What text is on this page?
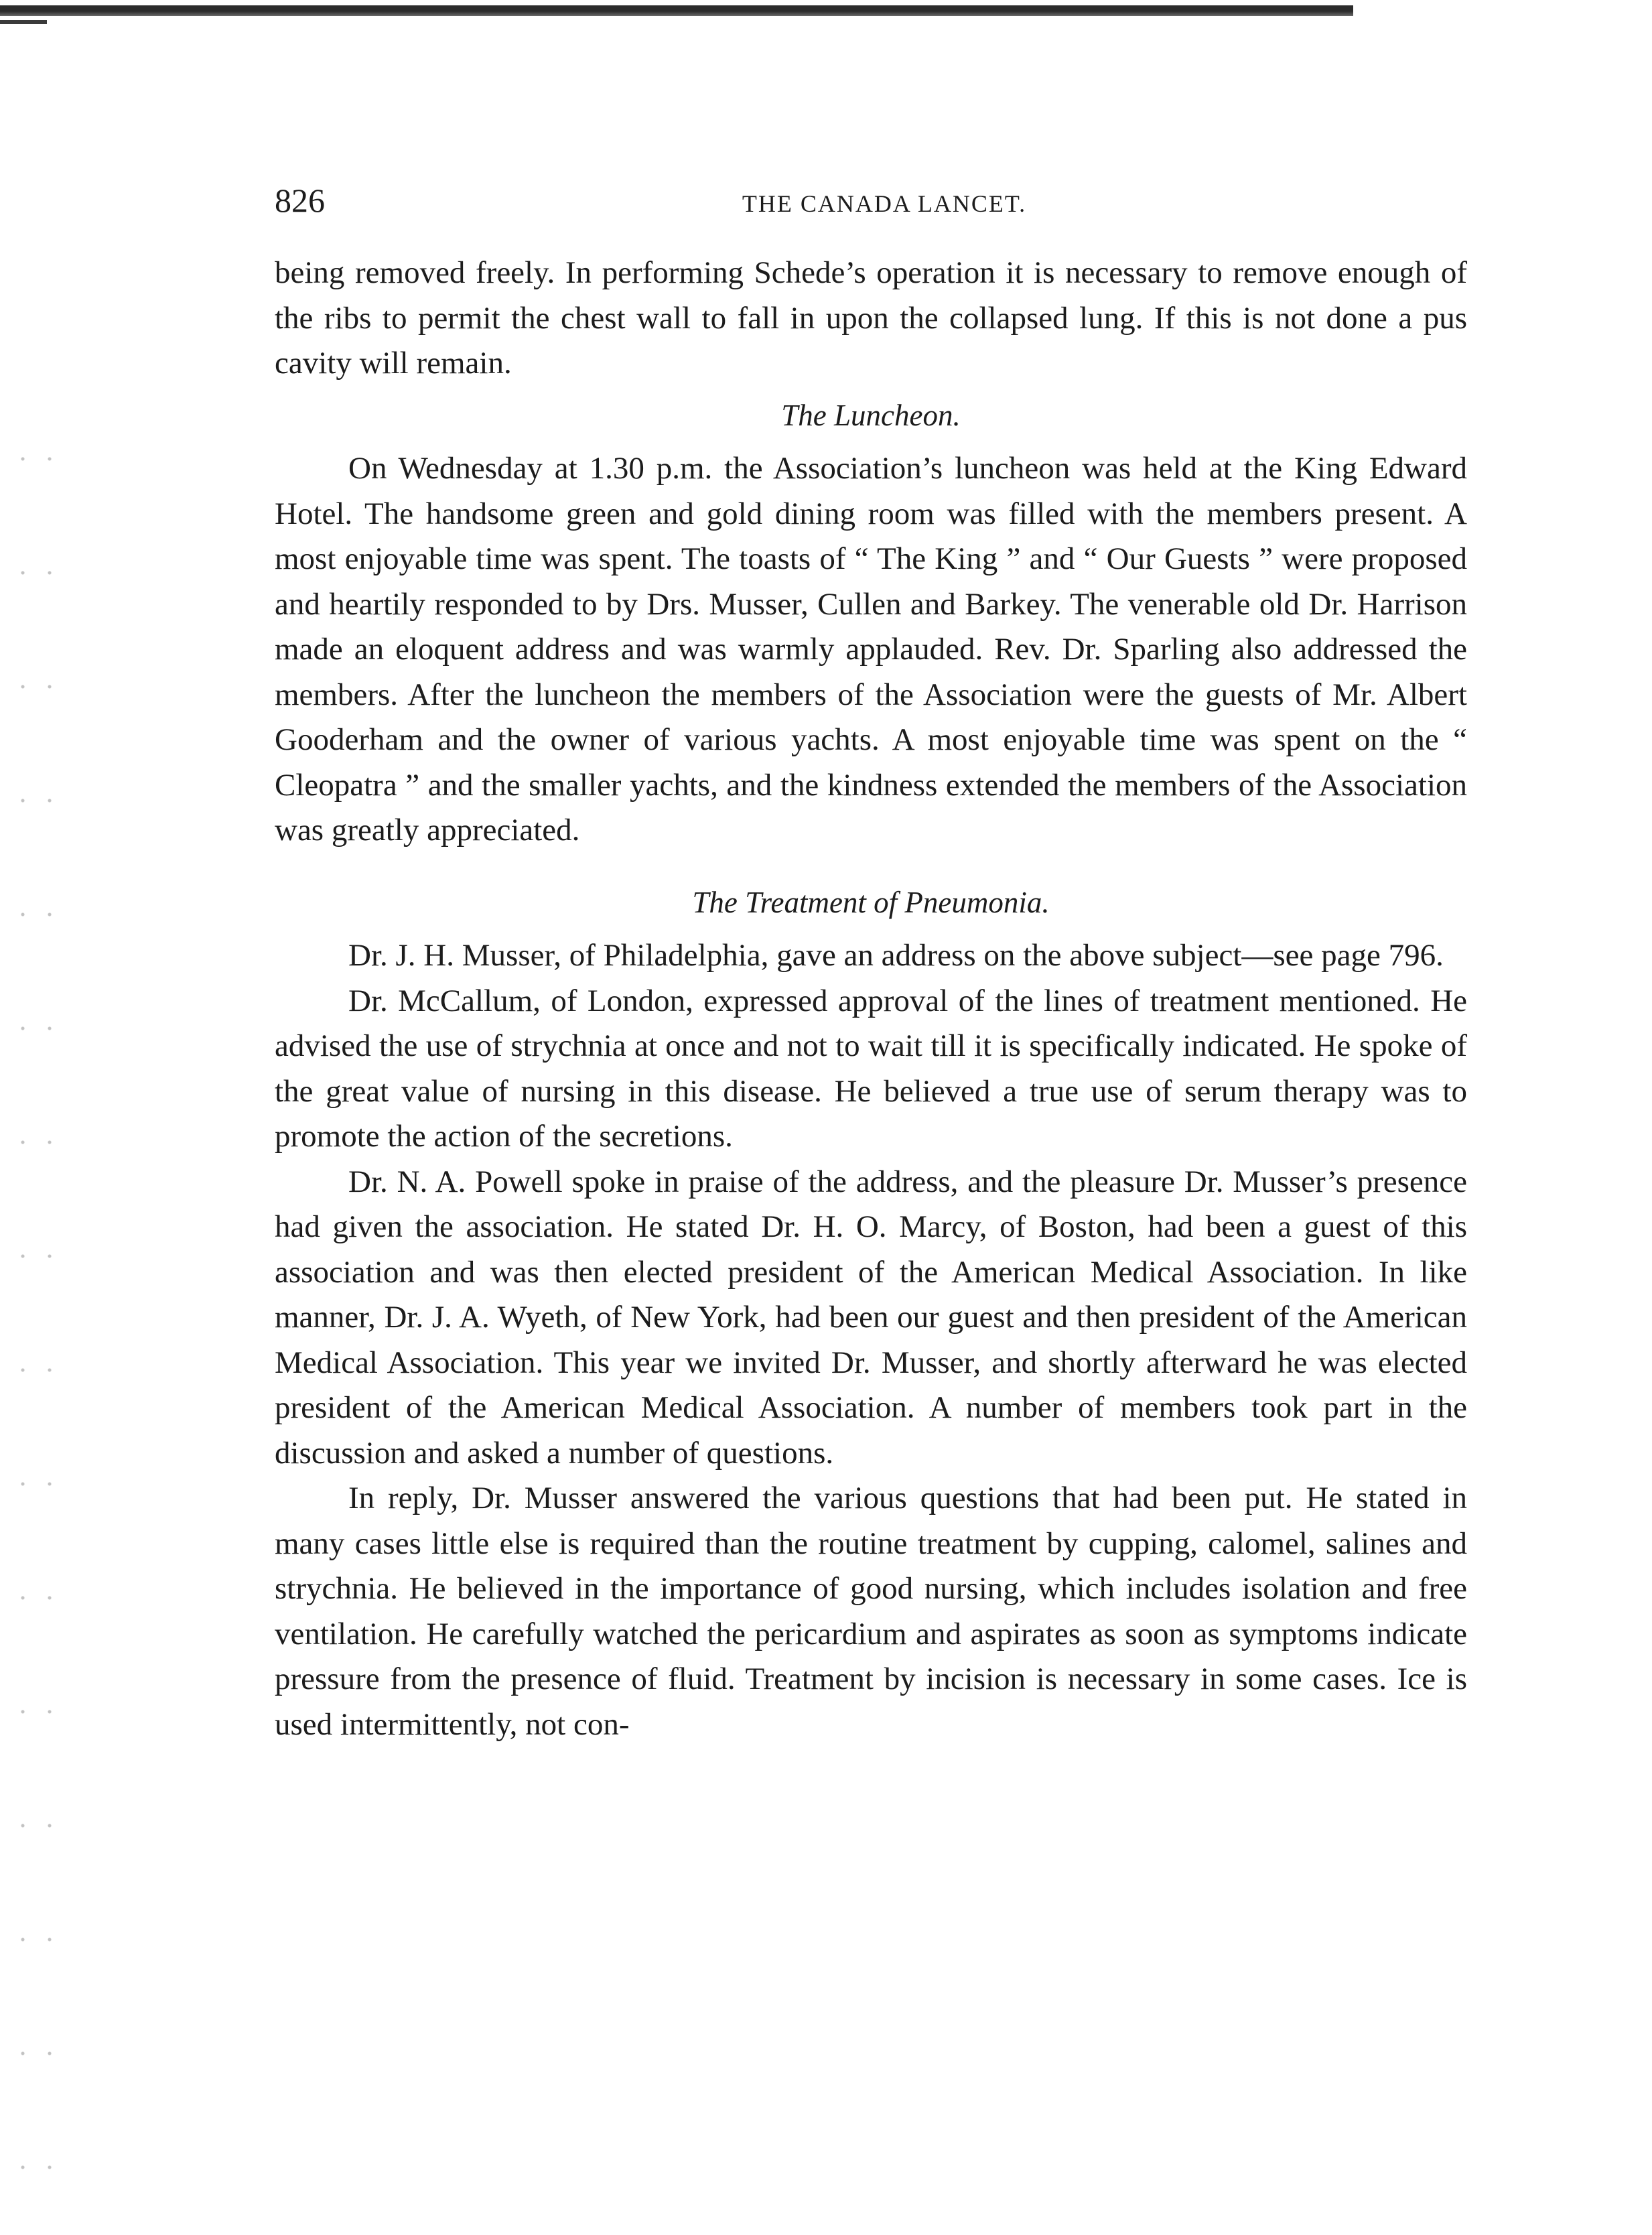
826	THE CANADA LANCET.

being removed freely. In performing Schede’s operation it is necessary to remove enough of the ribs to permit the chest wall to fall in upon the collapsed lung. If this is not done a pus cavity will remain.

The Luncheon.

On Wednesday at 1.30 p.m. the Association’s luncheon was held at the King Edward Hotel. The handsome green and gold dining room was filled with the members present. A most enjoyable time was spent. The toasts of “ The King ” and “ Our Guests ” were proposed and heartily responded to by Drs. Musser, Cullen and Barkey. The venerable old Dr. Harrison made an eloquent address and was warmly applauded. Rev. Dr. Sparling also addressed the members. After the luncheon the members of the Association were the guests of Mr. Albert Gooderham and the owner of various yachts. A most enjoyable time was spent on the “ Cleopatra ” and the smaller yachts, and the kindness extended the members of the Association was greatly appreciated.

The Treatment of Pneumonia.

Dr. J. H. Musser, of Philadelphia, gave an address on the above subject—see page 796.

Dr. McCallum, of London, expressed approval of the lines of treatment mentioned. He advised the use of strychnia at once and not to wait till it is specifically indicated. He spoke of the great value of nursing in this disease. He believed a true use of serum therapy was to promote the action of the secretions.

Dr. N. A. Powell spoke in praise of the address, and the pleasure Dr. Musser’s presence had given the association. He stated Dr. H. O. Marcy, of Boston, had been a guest of this association and was then elected president of the American Medical Association. In like manner, Dr. J. A. Wyeth, of New York, had been our guest and then president of the American Medical Association. This year we invited Dr. Musser, and shortly afterward he was elected president of the American Medical Association. A number of members took part in the discussion and asked a number of questions.

In reply, Dr. Musser answered the various questions that had been put. He stated in many cases little else is required than the routine treatment by cupping, calomel, salines and strychnia. He believed in the importance of good nursing, which includes isolation and free ventilation. He carefully watched the pericardium and aspirates as soon as symptoms indicate pressure from the presence of fluid. Treatment by incision is necessary in some cases. Ice is used intermittently, not con-
